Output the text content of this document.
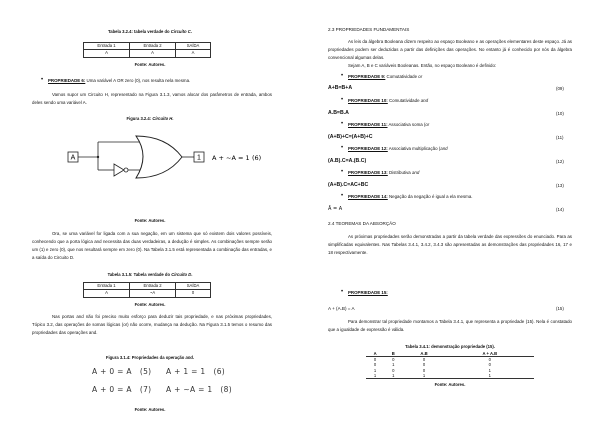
Tabela 3.2.4: tabela verdade do Circuito C.
Entrada 1	Entrada 2	SAÍDA
A	A	A
Fonte: Autores.
PROPRIEDADE 6: Uma variável A OR zero (0), nos resulta nela mesma.
Vamos supor um Circuito H, representado na Figura 3.1.3, vamos alocar dos parâmetros de entrada, ambos deles sendo uma variável A.
Figura 3.2.4: Circuito H.
A	1 A + ~A = 1 (6)
Fonte: Autores.
Ora, se uma variável for ligada com a sua negação, em um sistema que só existem dois valores possíveis, conhecendo que a porta lógica and necessita das duas verdadeiras, a dedução é simples. As combinações sempre serão um (1) e zero (0), que nos resultará sempre em zero (0). Na Tabela 3.1.5 está representada a combinação das entradas, e a saída do Circuito D.
Tabela 3.1.5: Tabela verdade do Circuito D.
Entrada 1	Entrada 2	SAÍDA
A	~A	0
Fonte: Autores.
Nas portas and não foi preciso muito esforço para deduzir tais propriedade, e nas próximas propriedades, Tópico 3.2, das operações de somas lógicas (or) não ocorre, mudança na dedução. Na Figura 3.1.5 temos o resumo das propriedades das operações and.
Figura 3.1.4: Propriedades da operação and.
A + 0 = A (5) A + 1 = 1 (6)
A + 0 = A (7) A + ~A = 1 (8)
Fonte: Autores.
2.3 PROPRIEDADES FUNDAMENTAIS
As leis da álgebra Booleana dizem respeito ao espaço Booleano e as operações elementares deste espaço. Já as propriedades podem ser deduzidas a partir das definições das operações. No entanto já é conhecido por nós da álgebra convencional algumas delas.
Sejam A, B e C variáveis Booleanas. Então, no espaço Booleano é definido:
PROPRIEDADE 9: Comutatividade or
A+B=B+A	(09)
PROPRIEDADE 10: Comutatividade and
A.B=B.A	(10)
PROPRIEDADE 11: Associativa soma (or
(A+B)+C=(A+B)+C	(11)
PROPRIEDADE 12: Associativa multiplicação (and
(A.B).C=A.(B.C)	(12)
PROPRIEDADE 13: Distributiva and
(A+B).C=AC+BC	(13)
PROPRIEDADE 14: Negação da negação é igual a ela mesma.
Ā = A	(14)
2.4 TEOREMAS DA ABSORÇÃO
As próximas propriedades serão demonstradas a partir da tabela verdade das expressões do enunciado. Para as simplificadas equivalentes. Nas Tabelas 3.4.1, 3.4.2, 3.4.3 são apresentadas as demonstrações das propriedades 16, 17 e 18 respectivamente.
PROPRIEDADE 15:
A + (A.B) = A	(15)
Para demonstrar tal propriedade montamos a Tabela 3.4.1, que representa a propriedade (15). Nela é constatado que a igualdade de expressão é válida.
Tabela 3.4.1: demonstração propriedade (15).
A	B	A.B	A + A.B
0	0	0	0
0	1	0	0
1	0	0	1
1	1	1	1
Fonte: Autores.
